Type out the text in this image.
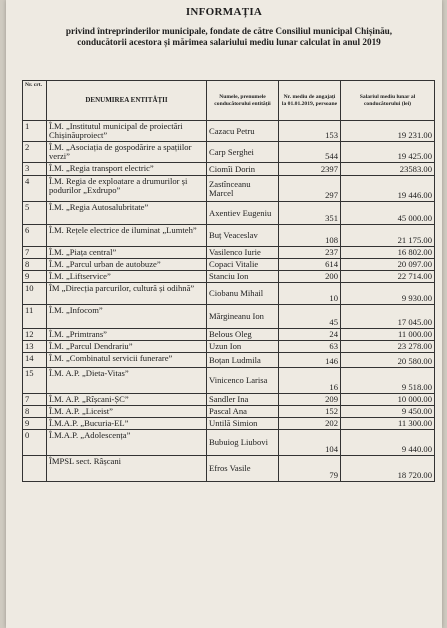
INFORMAȚIA
privind întreprinderilor municipale, fondate de către Consiliul municipal Chișinău,
conducătorii acestora și mărimea salariului mediu lunar calculat în anul 2019
Nr. crt.	DENUMIREA ENTITĂȚII	Numele, prenumele conducătorului entității	Nr. mediu de angajați la 01.01.2019, persoane	Salariul mediu lunar al conducătorului (lei)
1	Î.M. „Institutul municipal de proiectări Chișinăuproiect”	Cazacu Petru	153	19 231.00
2	Î.M. „Asociația de gospodărire a spațiilor verzi”	Carp Serghei	544	19 425.00
3	Î.M. „Regia transport electric”	Ciomîi Dorin	2397	23583.00
4	Î.M. Regia de exploatare a drumurilor și podurilor „Exdrupo”	Zastînceanu Marcel	297	19 446.00
5	Î.M. „Regia Autosalubritate”	Axentiev Eugeniu	351	45 000.00
6	Î.M. Rețele electrice de iluminat „Lumteh”	Buț Veaceslav	108	21 175.00
7	Î.M. „Piața central”	Vasilenco Iurie	237	16 802.00
8	Î.M. „Parcul urban de autobuze”	Copaci Vitalie	614	20 097.00
9	Î.M. „Liftservice”	Stanciu Ion	200	22 714.00
10	ÎM „Direcția parcurilor, cultură și odihnă”	Ciobanu Mihail	10	9 930.00
11	Î.M. „Infocom”	Mărgineanu Ion	45	17 045.00
12	Î.M. „Primtrans”	Belous Oleg	24	11 000.00
13	Î.M. „Parcul Dendrariu”	Uzun Ion	63	23 278.00
14	Î.M. „Combinatul servicii funerare”	Boțan Ludmila	146	20 580.00
15	Î.M. A.P. „Dieta-Vitas”	Vinicenco Larisa	16	9 518.00
7	Î.M. A.P. „Rîșcani-ȘC”	Sandler Ina	209	10 000.00
8	Î.M. A.P. „Liceist”	Pascal Ana	152	9 450.00
9	Î.M.A.P. „Bucuria-EL”	Untilă Simion	202	11 300.00
0	Î.M.A.P. „Adolescența”	Bubuiog Liubovi	104	9 440.00
	ÎMPSL sect. Râșcani	Efros Vasile	79	18 720.00
